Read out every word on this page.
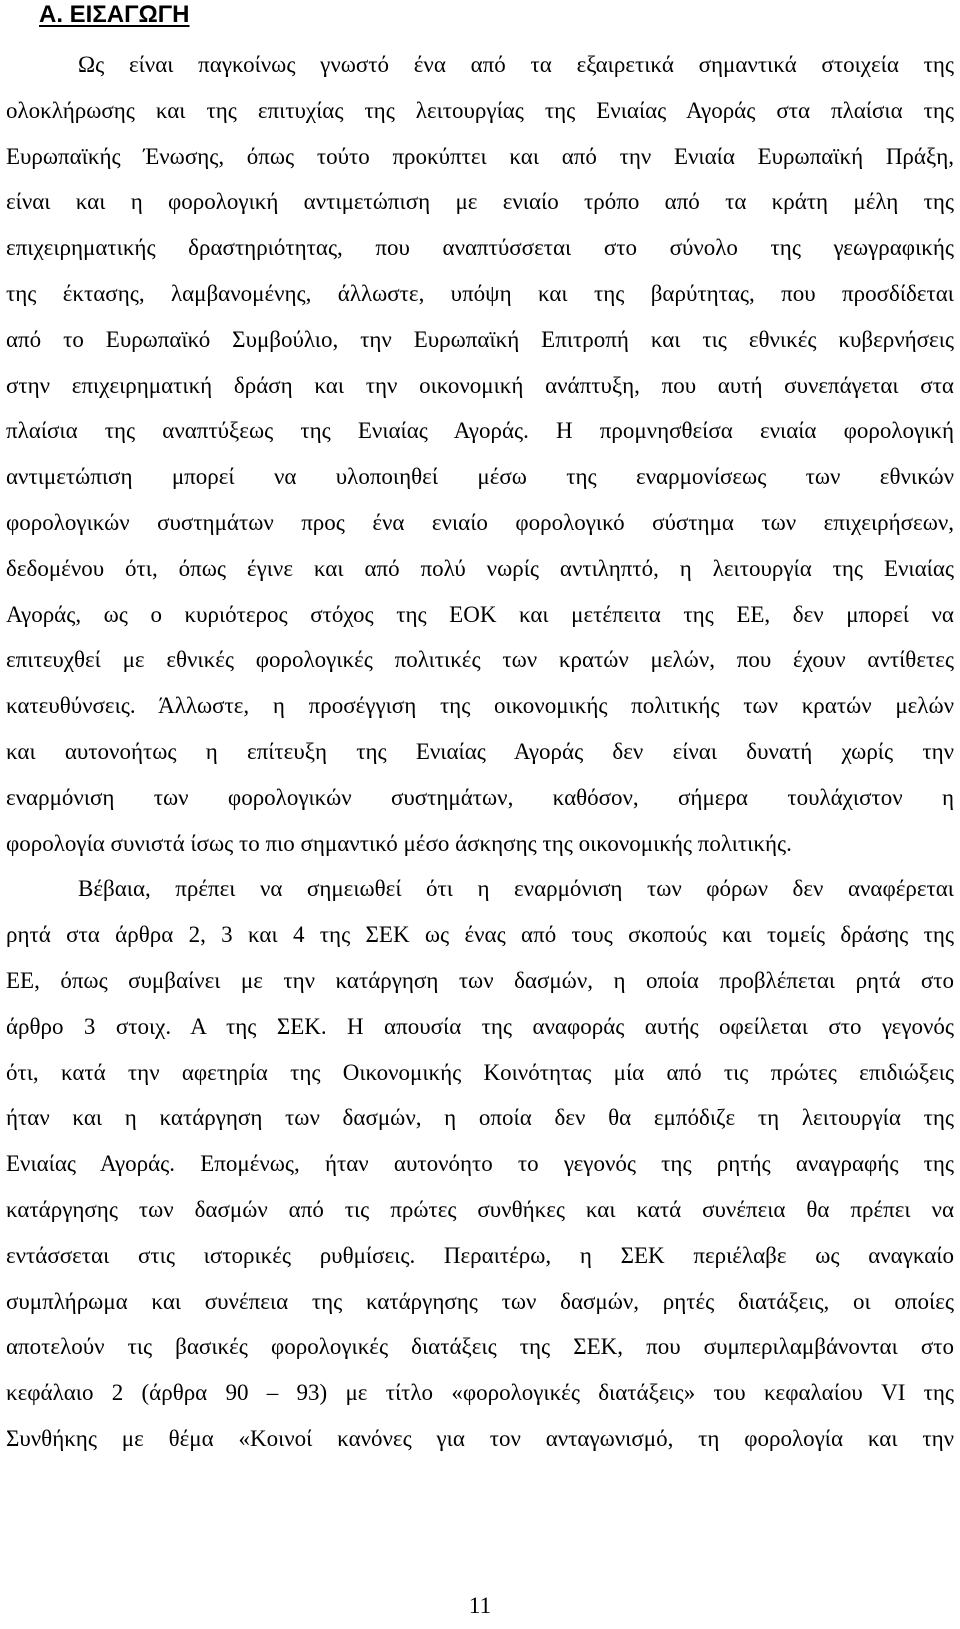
Α. ΕΙΣΑΓΩΓΗ
Ως είναι παγκοίνως γνωστό ένα από τα εξαιρετικά σημαντικά στοιχεία της
ολοκλήρωσης και της επιτυχίας της λειτουργίας της Ενιαίας Αγοράς στα πλαίσια της
Ευρωπαϊκής Ένωσης, όπως τούτο προκύπτει και από την Ενιαία Ευρωπαϊκή Πράξη,
είναι και η φορολογική αντιμετώπιση με ενιαίο τρόπο από τα κράτη μέλη της
επιχειρηματικής δραστηριότητας, που αναπτύσσεται στο σύνολο της γεωγραφικής
της έκτασης, λαμβανομένης, άλλωστε, υπόψη και της βαρύτητας, που προσδίδεται
από το Ευρωπαϊκό Συμβούλιο, την Ευρωπαϊκή Επιτροπή και τις εθνικές κυβερνήσεις
στην επιχειρηματική δράση και την οικονομική ανάπτυξη, που αυτή συνεπάγεται στα
πλαίσια της αναπτύξεως της Ενιαίας Αγοράς. Η προμνησθείσα ενιαία φορολογική
αντιμετώπιση μπορεί να υλοποιηθεί μέσω της εναρμονίσεως των εθνικών
φορολογικών συστημάτων προς ένα ενιαίο φορολογικό σύστημα των επιχειρήσεων,
δεδομένου ότι, όπως έγινε και από πολύ νωρίς αντιληπτό, η λειτουργία της Ενιαίας
Αγοράς, ως ο κυριότερος στόχος της ΕΟΚ και μετέπειτα της ΕΕ, δεν μπορεί να
επιτευχθεί με εθνικές φορολογικές πολιτικές των κρατών μελών, που έχουν αντίθετες
κατευθύνσεις. Άλλωστε, η προσέγγιση της οικονομικής πολιτικής των κρατών μελών
και αυτονοήτως η επίτευξη της Ενιαίας Αγοράς δεν είναι δυνατή χωρίς την
εναρμόνιση των φορολογικών συστημάτων, καθόσον, σήμερα τουλάχιστον η
φορολογία συνιστά ίσως το πιο σημαντικό μέσο άσκησης της οικονομικής πολιτικής.
Βέβαια, πρέπει να σημειωθεί ότι η εναρμόνιση των φόρων δεν αναφέρεται
ρητά στα άρθρα 2, 3 και 4 της ΣΕΚ ως ένας από τους σκοπούς και τομείς δράσης της
ΕΕ, όπως συμβαίνει με την κατάργηση των δασμών, η οποία προβλέπεται ρητά στο
άρθρο 3 στοιχ. Α της ΣΕΚ. Η απουσία της αναφοράς αυτής οφείλεται στο γεγονός
ότι, κατά την αφετηρία της Οικονομικής Κοινότητας μία από τις πρώτες επιδιώξεις
ήταν και η κατάργηση των δασμών, η οποία δεν θα εμπόδιζε τη λειτουργία της
Ενιαίας Αγοράς. Επομένως, ήταν αυτονόητο το γεγονός της ρητής αναγραφής της
κατάργησης των δασμών από τις πρώτες συνθήκες και κατά συνέπεια θα πρέπει να
εντάσσεται στις ιστορικές ρυθμίσεις. Περαιτέρω, η ΣΕΚ περιέλαβε ως αναγκαίο
συμπλήρωμα και συνέπεια της κατάργησης των δασμών, ρητές διατάξεις, οι οποίες
αποτελούν τις βασικές φορολογικές διατάξεις της ΣΕΚ, που συμπεριλαμβάνονται στο
κεφάλαιο 2 (άρθρα 90 – 93) με τίτλο «φορολογικές διατάξεις» του κεφαλαίου VI της
Συνθήκης με θέμα «Κοινοί κανόνες για τον ανταγωνισμό, τη φορολογία και την
11
